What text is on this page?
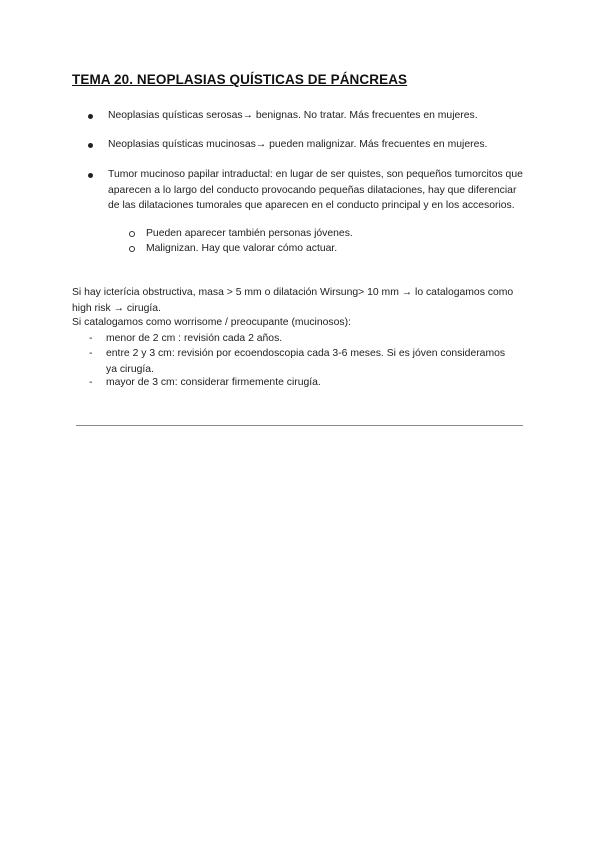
TEMA 20. NEOPLASIAS QUÍSTICAS DE PÁNCREAS
Neoplasias quísticas serosas→ benignas. No tratar. Más frecuentes en mujeres.
Neoplasias quísticas mucinosas→ pueden malignizar. Más frecuentes en mujeres.
Tumor mucinoso papilar intraductal: en lugar de ser quistes, son pequeños tumorcitos que aparecen a lo largo del conducto provocando pequeñas dilataciones, hay que diferenciar de las dilataciones tumorales que aparecen en el conducto principal y en los accesorios.
Pueden aparecer también personas jóvenes.
Malignizan. Hay que valorar cómo actuar.
Si hay icterícia obstructiva, masa > 5 mm o dilatación Wirsung> 10 mm → lo catalogamos como high risk → cirugía.
Si catalogamos como worrisome / preocupante (mucinosos):
- menor de 2 cm : revisión cada 2 años.
- entre 2 y 3 cm: revisión por ecoendoscopia cada 3-6 meses. Si es jóven consideramos ya cirugía.
- mayor de 3 cm: considerar firmemente cirugía.
